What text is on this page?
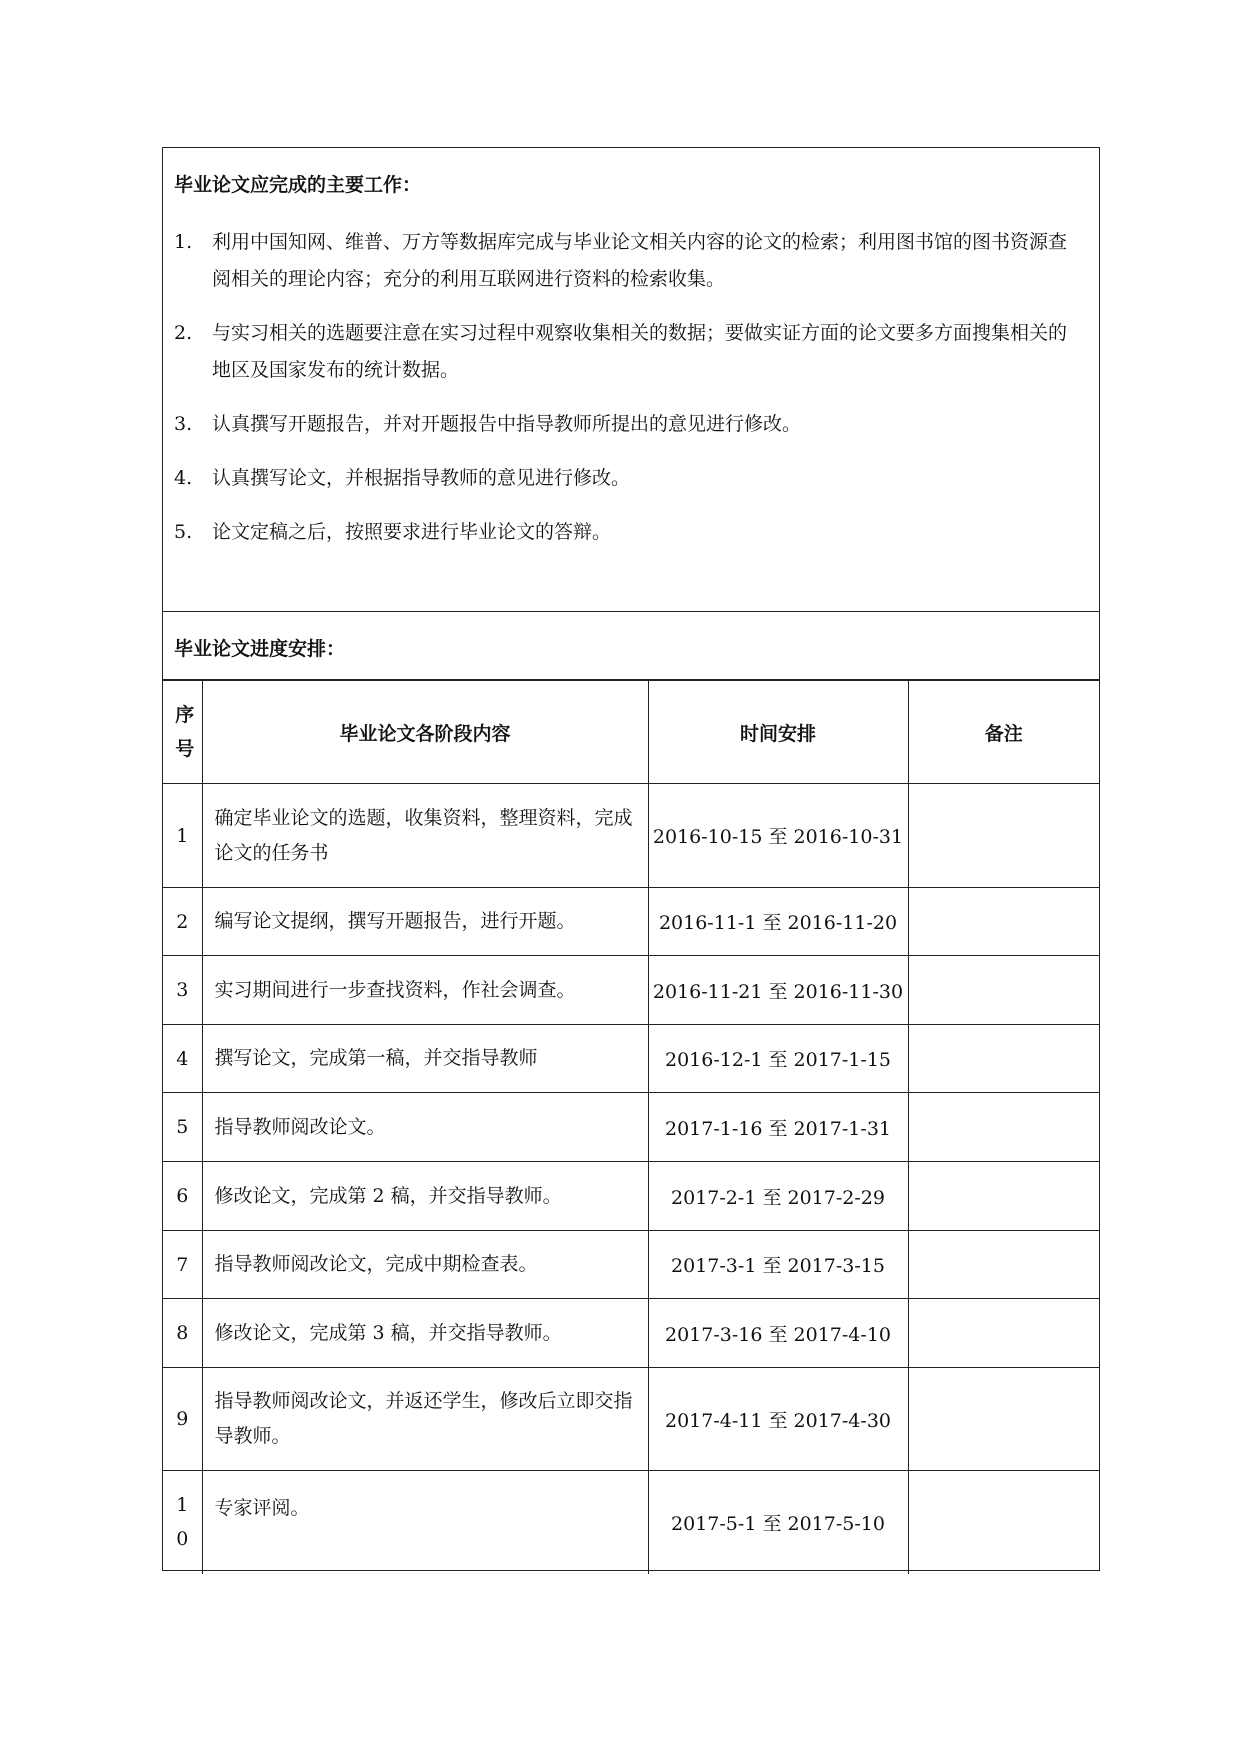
毕业论文应完成的主要工作：
1. 利用中国知网、维普、万方等数据库完成与毕业论文相关内容的论文的检索；利用图书馆的图书资源查阅相关的理论内容；充分的利用互联网进行资料的检索收集。
2. 与实习相关的选题要注意在实习过程中观察收集相关的数据；要做实证方面的论文要多方面搜集相关的地区及国家发布的统计数据。
3. 认真撰写开题报告，并对开题报告中指导教师所提出的意见进行修改。
4. 认真撰写论文，并根据指导教师的意见进行修改。
5. 论文定稿之后，按照要求进行毕业论文的答辩。
毕业论文进度安排：
序号	毕业论文各阶段内容	时间安排	备注
1	确定毕业论文的选题，收集资料，整理资料，完成论文的任务书	2016-10-15 至 2016-10-31	
2	编写论文提纲，撰写开题报告，进行开题。	2016-11-1 至 2016-11-20	
3	实习期间进行一步查找资料，作社会调查。	2016-11-21 至 2016-11-30	
4	撰写论文，完成第一稿，并交指导教师	2016-12-1 至 2017-1-15	
5	指导教师阅改论文。	2017-1-16 至 2017-1-31	
6	修改论文，完成第 2 稿，并交指导教师。	2017-2-1 至 2017-2-29	
7	指导教师阅改论文，完成中期检查表。	2017-3-1 至 2017-3-15	
8	修改论文，完成第 3 稿，并交指导教师。	2017-3-16 至 2017-4-10	
9	指导教师阅改论文，并返还学生，修改后立即交指导教师。	2017-4-11 至 2017-4-30	
10	专家评阅。	2017-5-1 至 2017-5-10	
